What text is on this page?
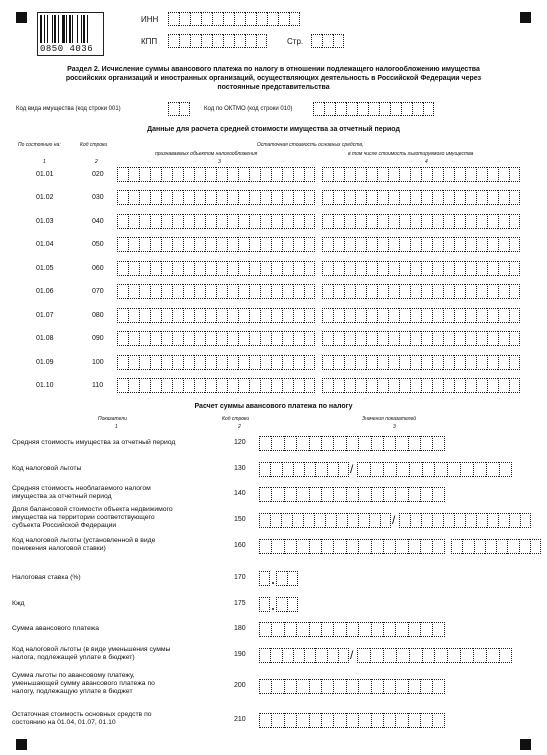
0850 4036
ИНН
КПП	Стр.
Раздел 2. Исчисление суммы авансового платежа по налогу в отношении подлежащего налогообложению имущества
российских организаций и иностранных организаций, осуществляющих деятельность в Российской Федерации через
постоянные представительства
Код вида имущества (код строки 001)	Код по ОКТМО (код строки 010)
Данные для расчета средней стоимости имущества за отчетный период
По состоянию на:	Код строки	Остаточная стоимость основных средств,
признаваемых объектом налогообложения	в том числе стоимость льготируемого имущества
1	2	3	4
01.01	020
01.02	030
01.03	040
01.04	050
01.05	060
01.06	070
01.07	080
01.08	090
01.09	100
01.10	110
Расчет суммы авансового платежа по налогу
Показатели	Код строки	Значения показателей
1	2	3
Средняя стоимость имущества за отчетный период	120
Код налоговой льготы	130	/
Средняя стоимость необлагаемого налогом
имущества за отчетный период	140
Доля балансовой стоимости объекта недвижимого
имущества на территории соответствующего
субъекта Российской Федерации
150	/
Код налоговой льготы (установленной в виде
понижения налоговой ставки)	160
Налоговая ставка (%)	170
Кжд	175
Сумма авансового платежа	180
Код налоговой льготы (в виде уменьшения суммы
налога, подлежащей уплате в бюджет)	190	/
Сумма льготы по авансовому платежу,
уменьшающей сумму авансового платежа по
налогу, подлежащую уплате в бюджет
200
Остаточная стоимость основных средств по
состоянию на 01.04, 01.07, 01.10	210
